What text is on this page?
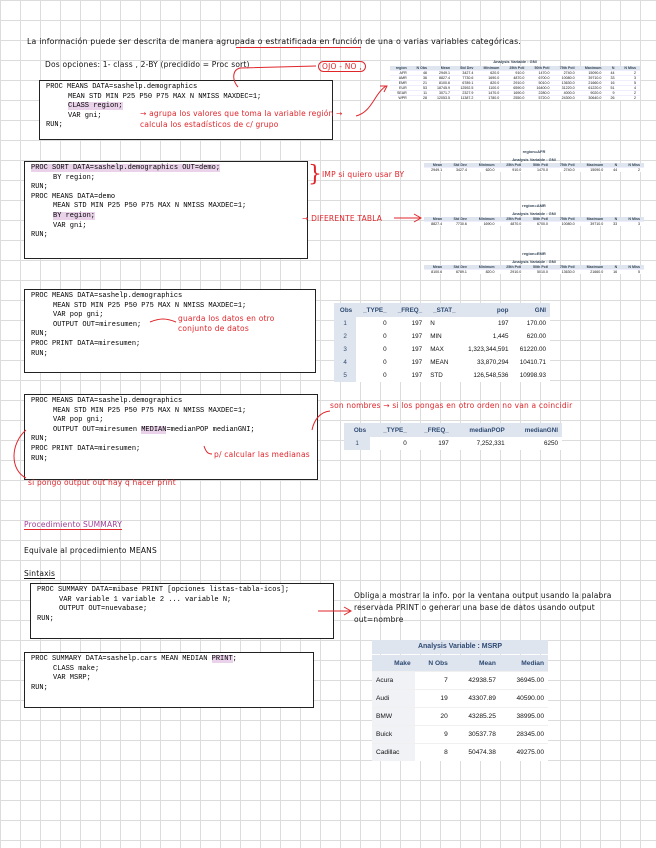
La información puede ser descrita de manera agrupada o estratificada en función de una o varias variables categóricas.
Dos opciones: 1- class , 2-BY (precidido = Proc sort)	OJO - NO ,
PROC MEANS DATA=sashelp.demographics
MEAN STD MIN P25 P50 P75 MAX N NMISS MAXDEC=1;
CLASS region;
VAR gni;
RUN;
→ agrupa los valores que toma la variable región → calcula los estadísticos de c/ grupo
Analysis Variable : GNI
region	N Obs	Mean	Std Dev	Minimum	25th Pctl	50th Pctl	75th Pctl	Maximum	N	N Miss
AFR	46	2949.1	3427.4	620.0	910.0	1470.0	2740.0	15090.0	44	2
AMR	36	8827.4	7730.6	1690.0	4870.0	6700.0	10080.0	39710.0	33	3
EMR	21	8100.6	6789.1	820.0	2910.0	5010.0	13630.0	21660.0	16	5
EUR	53	18745.9	12592.5	1100.0	6590.0	16400.0	31220.0	61220.0	51	4
SEAR	11	3071.7	2327.9	1470.0	1690.0	2280.0	4000.0	9020.0	9	2
WPR	28	12053.5	11387.2	1780.0	2550.0	5720.0	24300.0	30640.0	26	2
PROC SORT DATA=sashelp.demographics OUT=demo;
BY region;
RUN;
PROC MEANS DATA=demo
MEAN STD MIN P25 P50 P75 MAX N NMISS MAXDEC=1;
BY region;
VAR gni;
RUN;
} IMP si quiero usar BY
→ DIFERENTE TABLA
region=AFR
Analysis Variable : GNI
Mean	Std Dev	Minimum	25th Pctl	50th Pctl	75th Pctl	Maximum	N	N Miss
2949.1	3427.4	620.0	910.0	1470.0	2740.0	15090.0	44	2
region=AMR
Analysis Variable : GNI
Mean	Std Dev	Minimum	25th Pctl	50th Pctl	75th Pctl	Maximum	N	N Miss
8827.4	7730.6	1690.0	4870.0	6700.0	10080.0	39710.0	33	3
region=EMR
Analysis Variable : GNI
Mean	Std Dev	Minimum	25th Pctl	50th Pctl	75th Pctl	Maximum	N	N Miss
8100.6	6789.1	820.0	2910.0	5010.0	13630.0	21660.0	16	5
PROC MEANS DATA=sashelp.demographics
MEAN STD MIN P25 P50 P75 MAX N NMISS MAXDEC=1;
VAR pop gni;
OUTPUT OUT=miresumen;
RUN;
PROC PRINT DATA=miresumen;
RUN;
guarda los datos en otro conjunto de datos
Obs	_TYPE_	_FREQ_	_STAT_	pop	GNI
1	0	197	N	197	170.00
2	0	197	MIN	1,445	620.00
3	0	197	MAX	1,323,344,591	61220.00
4	0	197	MEAN	33,870,294	10410.71
5	0	197	STD	126,548,536	10998.93
PROC MEANS DATA=sashelp.demographics
MEAN STD MIN P25 P50 P75 MAX N NMISS MAXDEC=1;
VAR pop gni;
OUTPUT OUT=miresumen MEDIAN=medianPOP medianGNI;
RUN;
PROC PRINT DATA=miresumen;
RUN;
son nombres → si los pongas en otro orden no van a coincidir
p/ calcular las medianas
si pongo output out hay q hacer print
Obs	_TYPE_	_FREQ_	medianPOP	medianGNI
1	0	197	7,252,331	6250
Procedimiento SUMMARY
Equivale al procedimiento MEANS
Sintaxis
PROC SUMMARY DATA=mibase PRINT [opciones listas-tabla-icos];
VAR variable 1 variable 2 ... variable N;
OUTPUT OUT=nuevabase;
RUN;
Obliga a mostrar la info. por la ventana output usando la palabra reservada PRINT o generar una base de datos usando output out=nombre
PROC SUMMARY DATA=sashelp.cars MEAN MEDIAN PRINT;
CLASS make;
VAR MSRP;
RUN;
Analysis Variable : MSRP
Make	N Obs	Mean	Median
Acura	7	42938.57	36945.00
Audi	19	43307.89	40590.00
BMW	20	43285.25	38995.00
Buick	9	30537.78	28345.00
Cadillac	8	50474.38	49275.00
